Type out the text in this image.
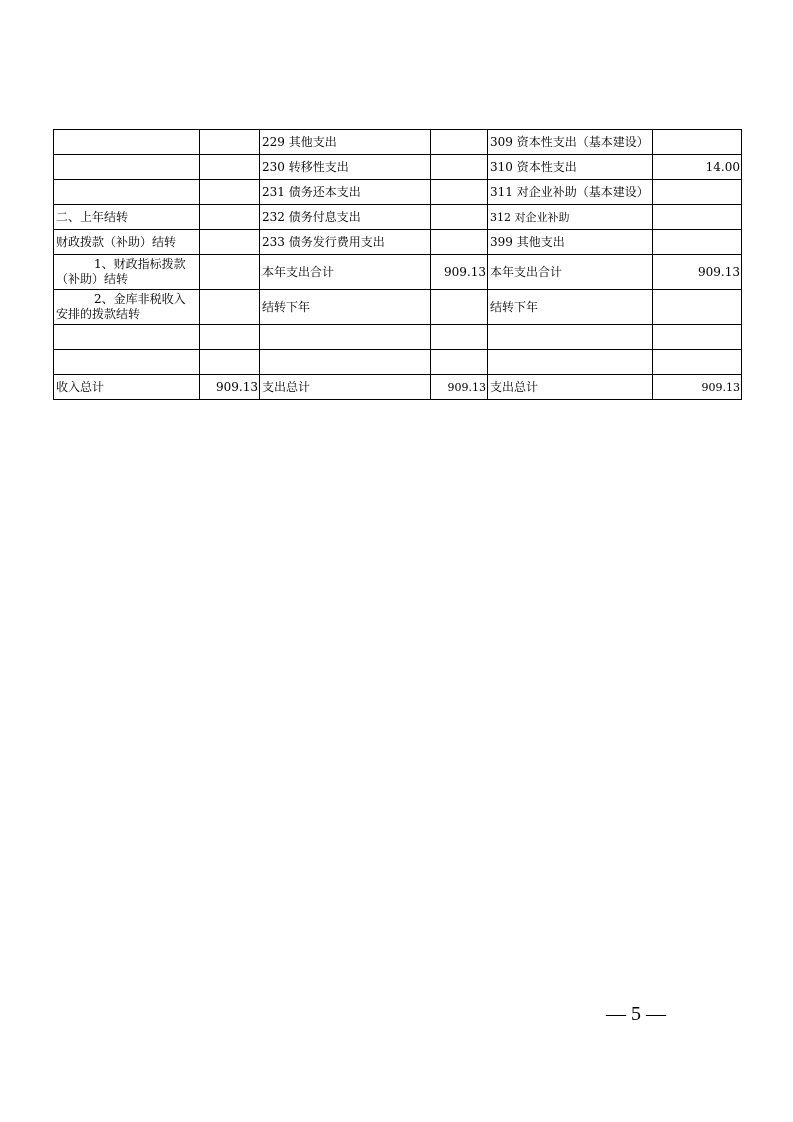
		229 其他支出		309 资本性支出（基本建设）	
		230 转移性支出		310 资本性支出	14.00
		231 债务还本支出		311 对企业补助（基本建设）	
二、上年结转		232 债务付息支出		312 对企业补助	
财政拨款（补助）结转		233 债务发行费用支出		399 其他支出	
1、财政指标拨款（补助）结转		本年支出合计	909.13	本年支出合计	909.13
2、金库非税收入安排的拨款结转		结转下年		结转下年	

收入总计	909.13	支出总计	909.13	支出总计	909.13
— 5 —
